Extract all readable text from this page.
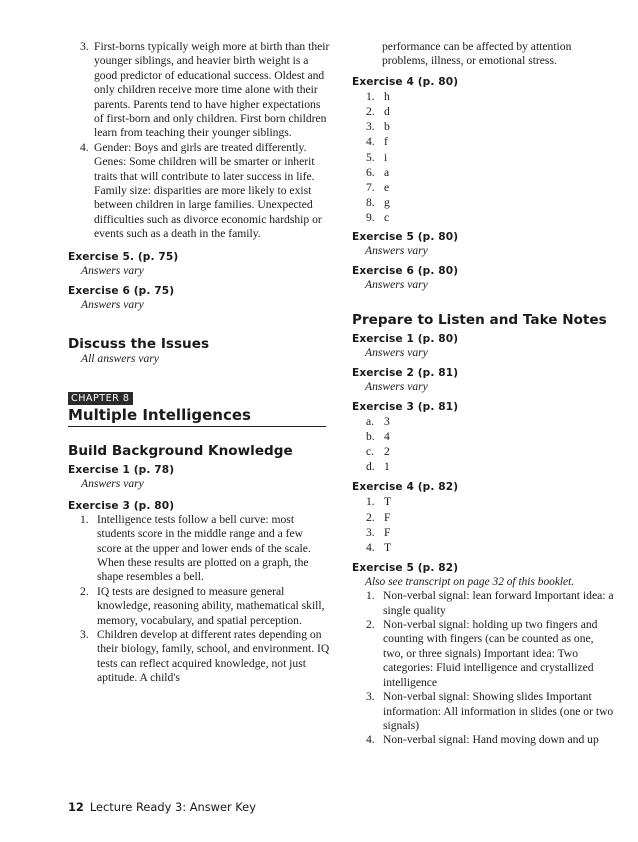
3. First-borns typically weigh more at birth than their younger siblings, and heavier birth weight is a good predictor of educational success. Oldest and only children receive more time alone with their parents. Parents tend to have higher expectations of first-born and only children. First born children learn from teaching their younger siblings.
4. Gender: Boys and girls are treated differently. Genes: Some children will be smarter or inherit traits that will contribute to later success in life. Family size: disparities are more likely to exist between children in large families. Unexpected difficulties such as divorce economic hardship or events such as a death in the family.

Exercise 5. (p. 75)

Answers vary

Exercise 6 (p. 75)

Answers vary

Discuss the Issues

All answers vary

CHAPTER 8

Multiple Intelligences

Build Background Knowledge

Exercise 1 (p. 78)

Answers vary

Exercise 3 (p. 80)

1. Intelligence tests follow a bell curve: most students score in the middle range and a few score at the upper and lower ends of the scale. When these results are plotted on a graph, the shape resembles a bell.
2. IQ tests are designed to measure general knowledge, reasoning ability, mathematical skill, memory, vocabulary, and spatial perception.
3. Children develop at different rates depending on their biology, family, school, and environment. IQ tests can reflect acquired knowledge, not just aptitude. A child's

performance can be affected by attention problems, illness, or emotional stress.

Exercise 4 (p. 80)

1. h
2. d
3. b
4. f
5. i
6. a
7. e
8. g
9. c

Exercise 5 (p. 80)

Answers vary

Exercise 6 (p. 80)

Answers vary

Prepare to Listen and Take Notes

Exercise 1 (p. 80)

Answers vary

Exercise 2 (p. 81)

Answers vary

Exercise 3 (p. 81)

a. 3
b. 4
c. 2
d. 1

Exercise 4 (p. 82)

1. T
2. F
3. F
4. T

Exercise 5 (p. 82)

Also see transcript on page 32 of this booklet.

1. Non-verbal signal: lean forward Important idea: a single quality
2. Non-verbal signal: holding up two fingers and counting with fingers (can be counted as one, two, or three signals) Important idea: Two categories: Fluid intelligence and crystallized intelligence
3. Non-verbal signal: Showing slides Important information: All information in slides (one or two signals)
4. Non-verbal signal: Hand moving down and up
12 Lecture Ready 3: Answer Key
